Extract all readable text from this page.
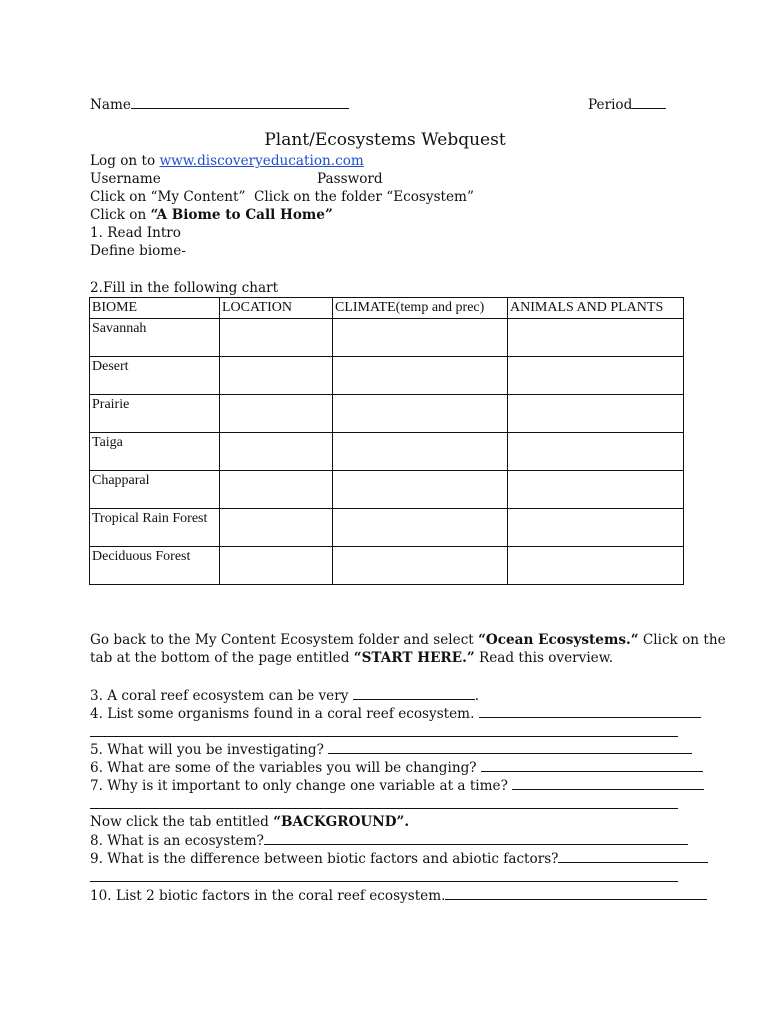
Name	Period
Plant/Ecosystems Webquest
Log on to www.discoveryeducation.com
Username	Password
Click on “My Content” Click on the folder “Ecosystem”
Click on “A Biome to Call Home”
1. Read Intro
Define biome-
2.Fill in the following chart
BIOME	LOCATION	CLIMATE(temp and prec)	ANIMALS AND PLANTS
Savannah			
Desert			
Prairie			
Taiga			
Chapparal			
Tropical Rain Forest			
Deciduous Forest			
Go back to the My Content Ecosystem folder and select “Ocean Ecosystems.“ Click on the
tab at the bottom of the page entitled “START HERE.” Read this overview.
3. A coral reef ecosystem can be very	.
4. List some organisms found in a coral reef ecosystem.
5. What will you be investigating?
6. What are some of the variables you will be changing?
7. Why is it important to only change one variable at a time?
Now click the tab entitled “BACKGROUND”.
8. What is an ecosystem?
9. What is the difference between biotic factors and abiotic factors?
10. List 2 biotic factors in the coral reef ecosystem.
